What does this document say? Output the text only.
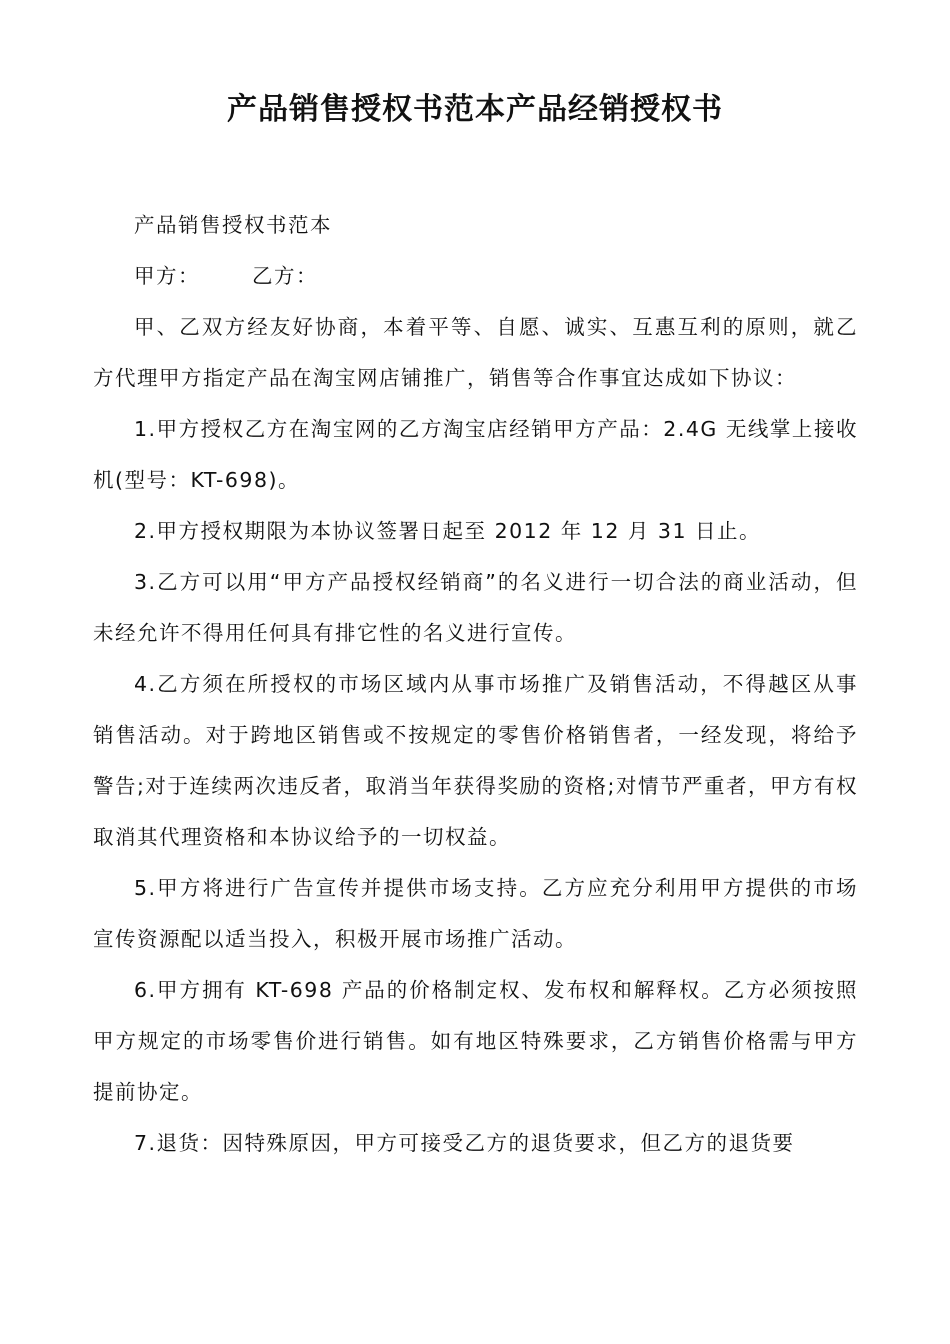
产品销售授权书范本产品经销授权书

产品销售授权书范本

甲方：	乙方：

甲、乙双方经友好协商，本着平等、自愿、诚实、互惠互利的原则，就乙方代理甲方指定产品在淘宝网店铺推广，销售等合作事宜达成如下协议：

1.甲方授权乙方在淘宝网的乙方淘宝店经销甲方产品：2.4G 无线掌上接收机(型号：KT-698)。

2.甲方授权期限为本协议签署日起至 2012 年 12 月 31 日止。

3.乙方可以用“甲方产品授权经销商”的名义进行一切合法的商业活动，但未经允许不得用任何具有排它性的名义进行宣传。

4.乙方须在所授权的市场区域内从事市场推广及销售活动，不得越区从事销售活动。对于跨地区销售或不按规定的零售价格销售者，一经发现，将给予警告;对于连续两次违反者，取消当年获得奖励的资格;对情节严重者，甲方有权取消其代理资格和本协议给予的一切权益。

5.甲方将进行广告宣传并提供市场支持。乙方应充分利用甲方提供的市场宣传资源配以适当投入，积极开展市场推广活动。

6.甲方拥有 KT-698 产品的价格制定权、发布权和解释权。乙方必须按照甲方规定的市场零售价进行销售。如有地区特殊要求，乙方销售价格需与甲方提前协定。

7.退货：因特殊原因，甲方可接受乙方的退货要求，但乙方的退货要
